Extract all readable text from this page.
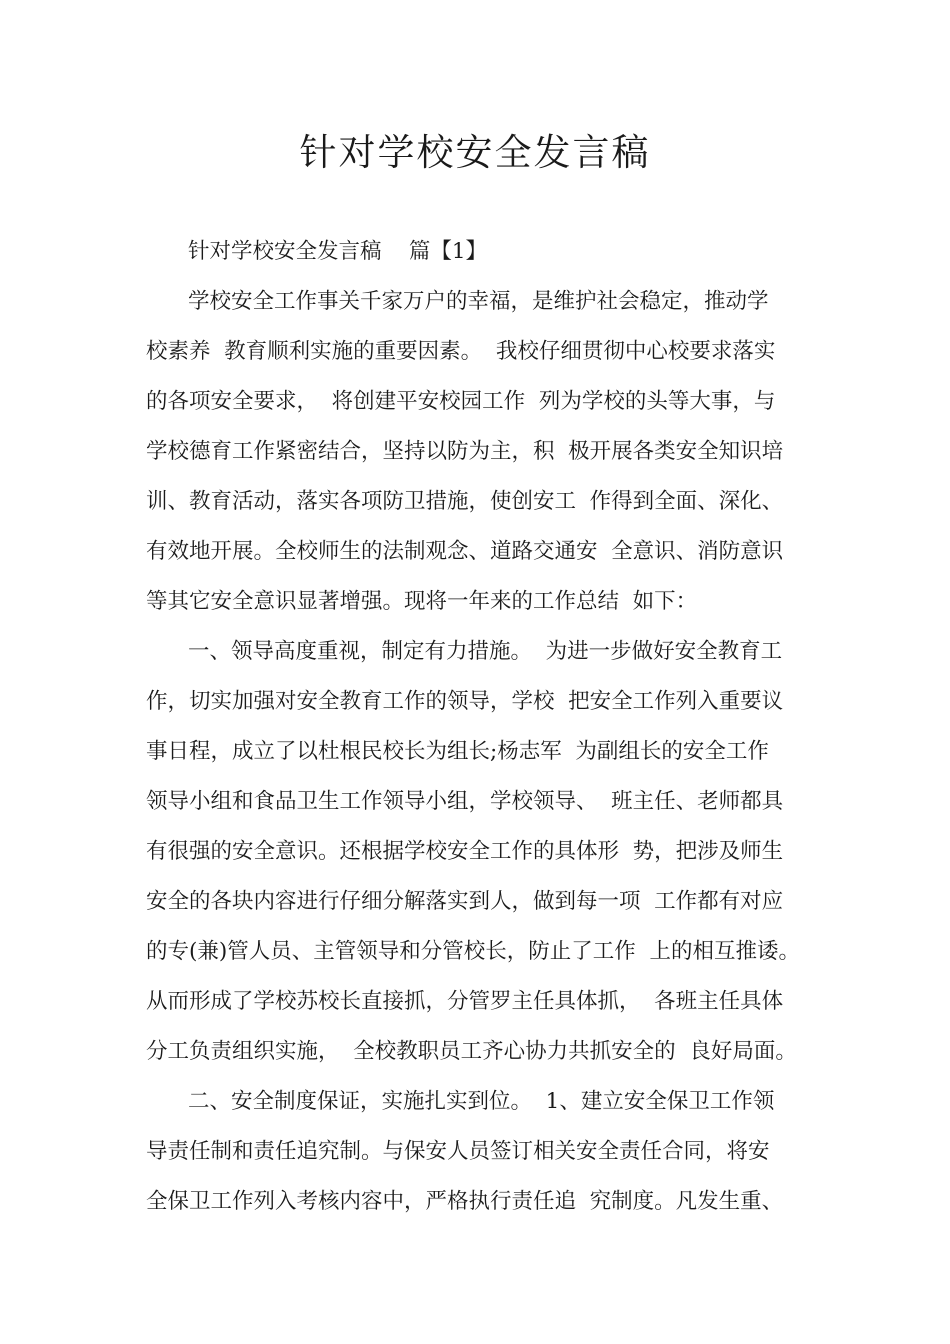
针对学校安全发言稿
针对学校安全发言稿    篇【1】
学校安全工作事关千家万户的幸福，是维护社会稳定，推动学
校素养  教育顺利实施的重要因素。  我校仔细贯彻中心校要求落实
的各项安全要求，  将创建平安校园工作  列为学校的头等大事，与
学校德育工作紧密结合，坚持以防为主，积  极开展各类安全知识培
训、教育活动，落实各项防卫措施，使创安工  作得到全面、深化、
有效地开展。全校师生的法制观念、道路交通安  全意识、消防意识
等其它安全意识显著增强。现将一年来的工作总结  如下：
一、领导高度重视，制定有力措施。  为进一步做好安全教育工
作，切实加强对安全教育工作的领导，学校  把安全工作列入重要议
事日程，成立了以杜根民校长为组长;杨志军  为副组长的安全工作
领导小组和食品卫生工作领导小组，学校领导、  班主任、老师都具
有很强的安全意识。还根据学校安全工作的具体形  势，把涉及师生
安全的各块内容进行仔细分解落实到人，做到每一项  工作都有对应
的专(兼)管人员、主管领导和分管校长，防止了工作  上的相互推诿。
从而形成了学校苏校长直接抓，分管罗主任具体抓，  各班主任具体
分工负责组织实施，  全校教职员工齐心协力共抓安全的  良好局面。
二、安全制度保证，实施扎实到位。  1、建立安全保卫工作领
导责任制和责任追究制。与保安人员签订相关安全责任合同，将安
全保卫工作列入考核内容中，严格执行责任追  究制度。凡发生重、
